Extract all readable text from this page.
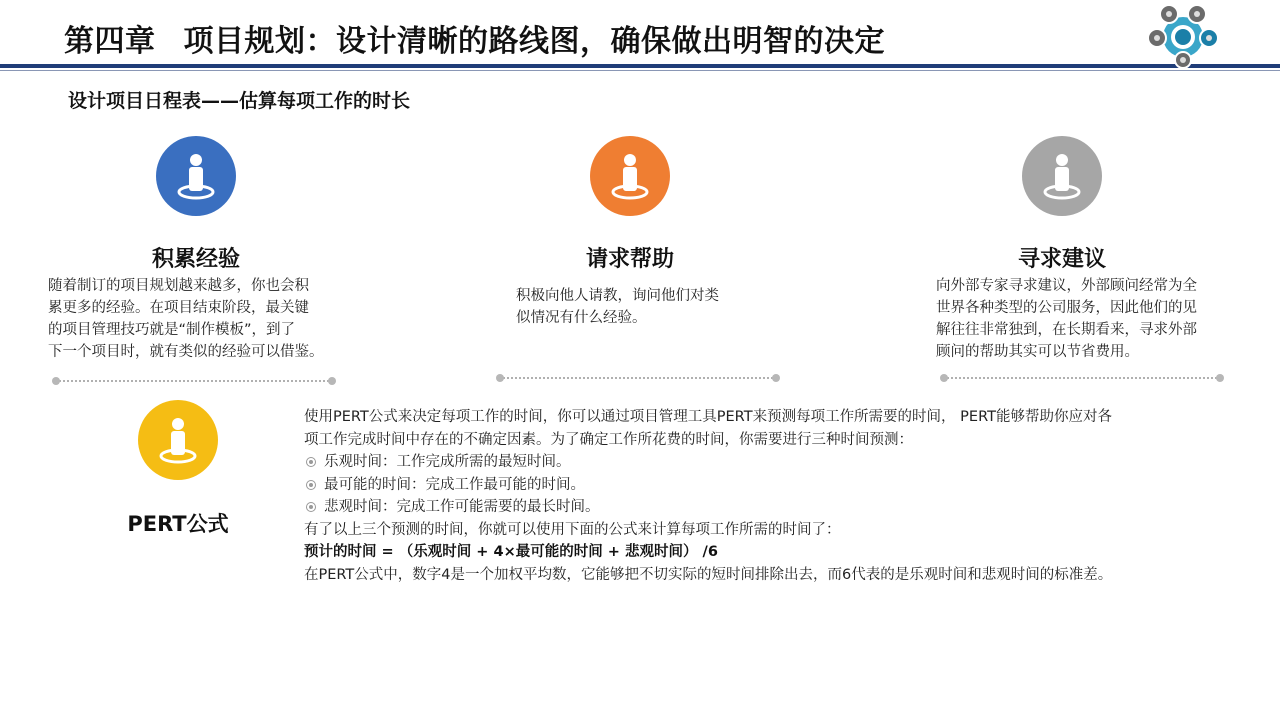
第四章 项目规划：设计清晰的路线图，确保做出明智的决定
设计项目日程表——估算每项工作的时长
积累经验
随着制订的项目规划越来越多，你也会积
累更多的经验。在项目结束阶段，最关键
的项目管理技巧就是“制作模板”，到了
下一个项目时，就有类似的经验可以借鉴。
请求帮助
积极向他人请教，询问他们对类
似情况有什么经验。
寻求建议
向外部专家寻求建议，外部顾问经常为全
世界各种类型的公司服务，因此他们的见
解往往非常独到，在长期看来，寻求外部
顾问的帮助其实可以节省费用。
PERT公式

使用PERT公式来决定每项工作的时间，你可以通过项目管理工具PERT来预测每项工作所需要的时间， PERT能够帮助你应对各

项工作完成时间中存在的不确定因素。为了确定工作所花费的时间，你需要进行三种时间预测：

乐观时间：工作完成所需的最短时间。
最可能的时间：完成工作最可能的时间。
悲观时间：完成工作可能需要的最长时间。

有了以上三个预测的时间，你就可以使用下面的公式来计算每项工作所需的时间了：

预计的时间 = （乐观时间 + 4×最可能的时间 + 悲观时间） /6

在PERT公式中，数字4是一个加权平均数，它能够把不切实际的短时间排除出去，而6代表的是乐观时间和悲观时间的标准差。
